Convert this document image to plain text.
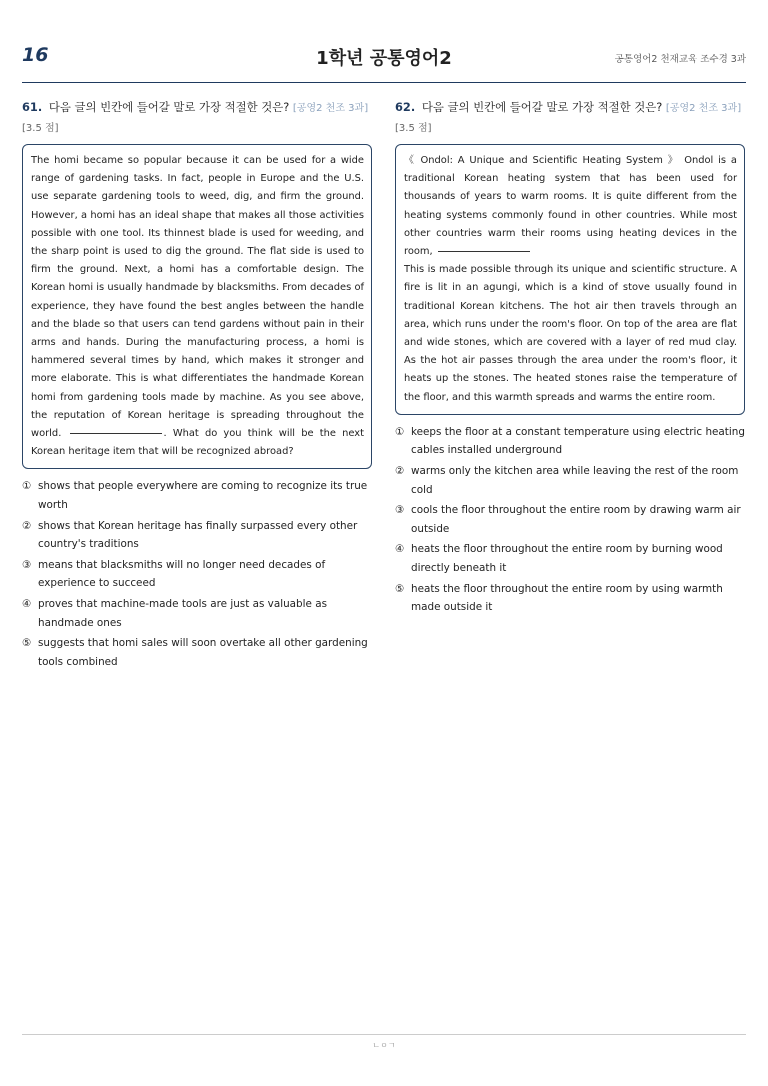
16	1학년 공통영어2	공통영어2 천재교육 조수경 3과
61. 다음 글의 빈칸에 들어갈 말로 가장 적절한 것은? [공영2 천조 3과] [3.5 점]

The homi became so popular because it can be used for a wide range of gardening tasks. In fact, people in Europe and the U.S. use separate gardening tools to weed, dig, and firm the ground. However, a homi has an ideal shape that makes all those activities possible with one tool. Its thinnest blade is used for weeding, and the sharp point is used to dig the ground. The flat side is used to firm the ground. Next, a homi has a comfortable design. The Korean homi is usually handmade by blacksmiths. From decades of experience, they have found the best angles between the handle and the blade so that users can tend gardens without pain in their arms and hands. During the manufacturing process, a homi is hammered several times by hand, which makes it stronger and more elaborate. This is what differentiates the handmade Korean homi from gardening tools made by machine. As you see above, the reputation of Korean heritage is spreading throughout the world.	. What do you think will be the next Korean heritage item that will be recognized abroad?

① shows that people everywhere are coming to recognize its true worth
② shows that Korean heritage has finally surpassed every other country's traditions
③ means that blacksmiths will no longer need decades of experience to succeed
④ proves that machine-made tools are just as valuable as handmade ones
⑤ suggests that homi sales will soon overtake all other gardening tools combined
62. 다음 글의 빈칸에 들어갈 말로 가장 적절한 것은? [공영2 천조 3과] [3.5 점]

《 Ondol: A Unique and Scientific Heating System 》 Ondol is a traditional Korean heating system that has been used for thousands of years to warm rooms. It is quite different from the heating systems commonly found in other countries. While most other countries warm their rooms using heating devices in the room,

This is made possible through its unique and scientific structure. A fire is lit in an agungi, which is a kind of stove usually found in traditional Korean kitchens. The hot air then travels through an area, which runs under the room's floor. On top of the area are flat and wide stones, which are covered with a layer of red mud clay. As the hot air passes through the area under the room's floor, it heats up the stones. The heated stones raise the temperature of the floor, and this warmth spreads and warms the entire room.

① keeps the floor at a constant temperature using electric heating cables installed underground
② warms only the kitchen area while leaving the rest of the room cold
③ cools the floor throughout the entire room by drawing warm air outside
④ heats the floor throughout the entire room by burning wood directly beneath it
⑤ heats the floor throughout the entire room by using warmth made outside it
ㄴㅇㄱ
